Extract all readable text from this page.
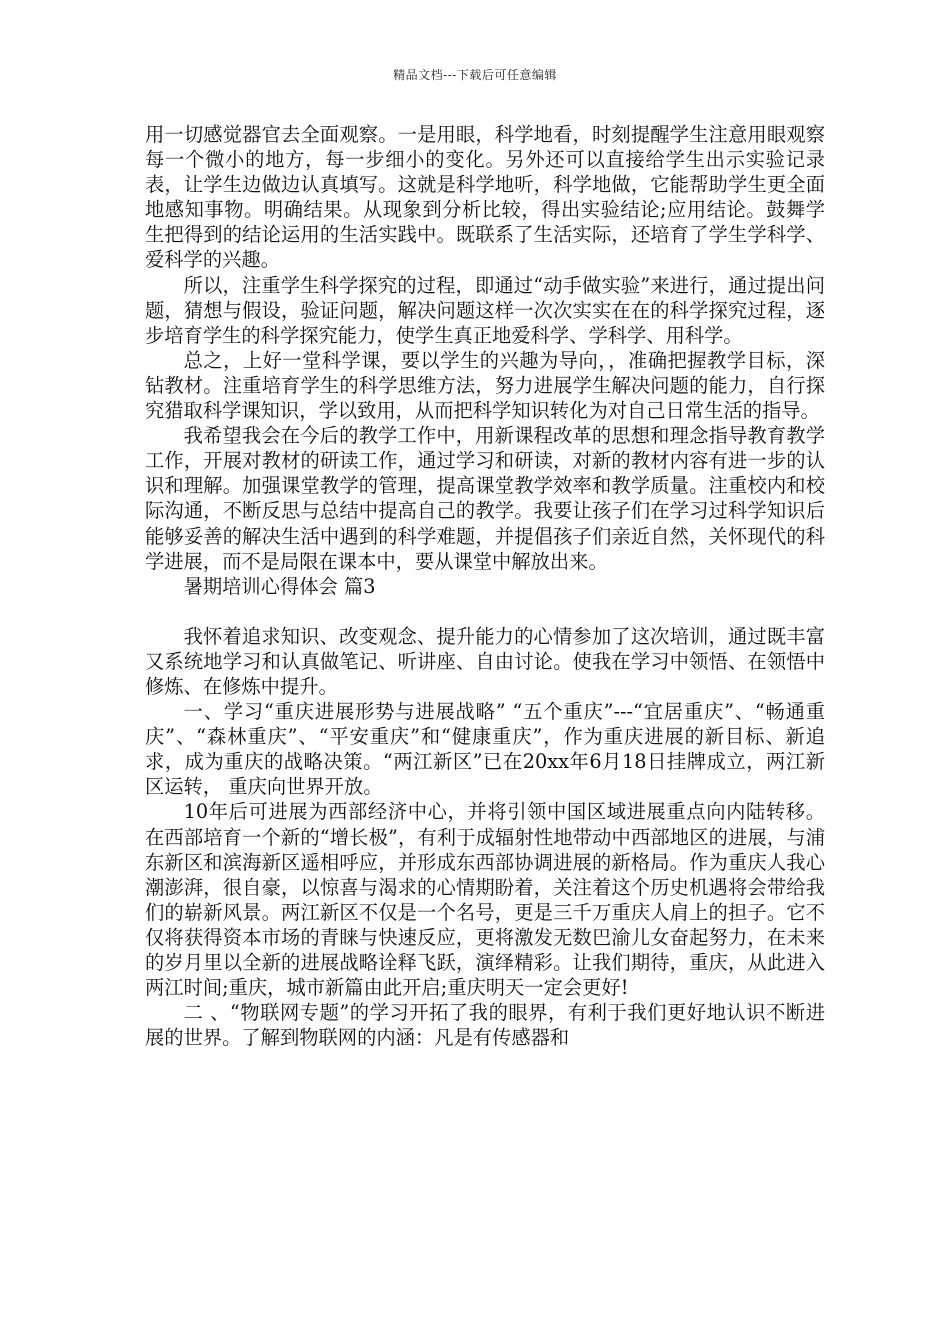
精品文档---下载后可任意编辑

用一切感觉器官去全面观察。一是用眼，科学地看，时刻提醒学生注意用眼观察每一个微小的地方，每一步细小的变化。另外还可以直接给学生出示实验记录表，让学生边做边认真填写。这就是科学地听，科学地做，它能帮助学生更全面地感知事物。明确结果。从现象到分析比较，得出实验结论;应用结论。鼓舞学生把得到的结论运用的生活实践中。既联系了生活实际，还培育了学生学科学、爱科学的兴趣。

所以，注重学生科学探究的过程，即通过“动手做实验”来进行，通过提出问题，猜想与假设，验证问题，解决问题这样一次次实实在在的科学探究过程，逐步培育学生的科学探究能力，使学生真正地爱科学、学科学、用科学。

总之，上好一堂科学课，要以学生的兴趣为导向，，准确把握教学目标，深钻教材。注重培育学生的科学思维方法，努力进展学生解决问题的能力，自行探究猎取科学课知识，学以致用，从而把科学知识转化为对自己日常生活的指导。

我希望我会在今后的教学工作中，用新课程改革的思想和理念指导教育教学工作，开展对教材的研读工作，通过学习和研读，对新的教材内容有进一步的认识和理解。加强课堂教学的管理，提高课堂教学效率和教学质量。注重校内和校际沟通，不断反思与总结中提高自己的教学。我要让孩子们在学习过科学知识后能够妥善的解决生活中遇到的科学难题，并提倡孩子们亲近自然，关怀现代的科学进展，而不是局限在课本中，要从课堂中解放出来。

暑期培训心得体会 篇3

我怀着追求知识、改变观念、提升能力的心情参加了这次培训，通过既丰富又系统地学习和认真做笔记、听讲座、自由讨论。使我在学习中领悟、在领悟中修炼、在修炼中提升。

一、学习“重庆进展形势与进展战略” “五个重庆”---“宜居重庆”、“畅通重庆”、“森林重庆”、“平安重庆”和“健康重庆”，作为重庆进展的新目标、新追求，成为重庆的战略决策。“两江新区”已在20xx年6月18日挂牌成立，两江新区运转， 重庆向世界开放。

10年后可进展为西部经济中心，并将引领中国区域进展重点向内陆转移。在西部培育一个新的“增长极”，有利于成辐射性地带动中西部地区的进展，与浦东新区和滨海新区遥相呼应，并形成东西部协调进展的新格局。作为重庆人我心潮澎湃，很自豪，以惊喜与渴求的心情期盼着，关注着这个历史机遇将会带给我们的崭新风景。两江新区不仅是一个名号，更是三千万重庆人肩上的担子。它不仅将获得资本市场的青睐与快速反应，更将激发无数巴渝儿女奋起努力，在未来的岁月里以全新的进展战略诠释飞跃，演绎精彩。让我们期待，重庆，从此进入两江时间;重庆，城市新篇由此开启;重庆明天一定会更好!

二 、“物联网专题”的学习开拓了我的眼界，有利于我们更好地认识不断进展的世界。了解到物联网的内涵：凡是有传感器和
